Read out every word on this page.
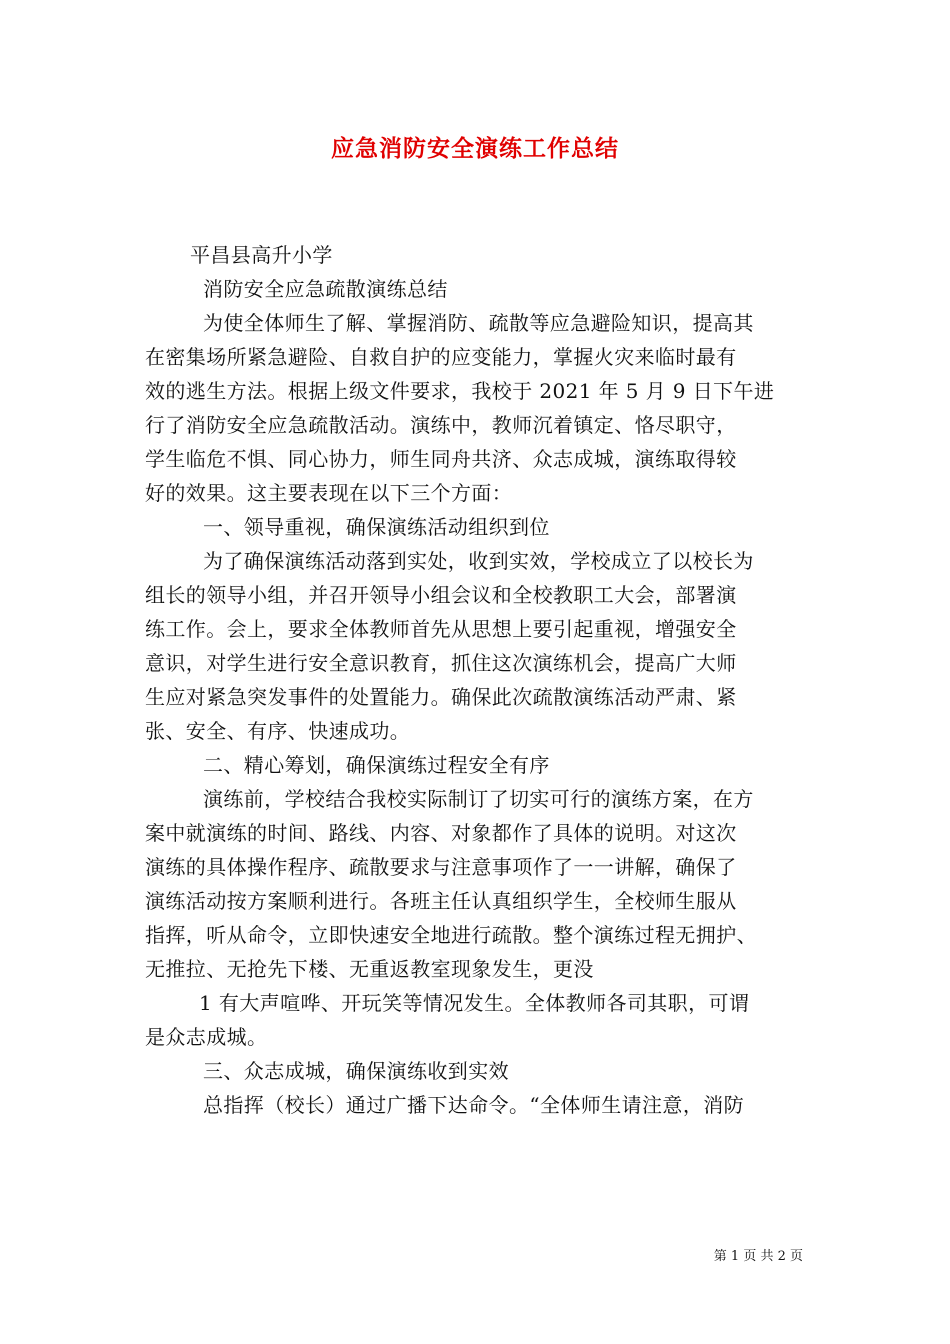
应急消防安全演练工作总结
平昌县高升小学
消防安全应急疏散演练总结
为使全体师生了解、掌握消防、疏散等应急避险知识，提高其
在密集场所紧急避险、自救自护的应变能力，掌握火灾来临时最有
效的逃生方法。根据上级文件要求，我校于 2021 年 5 月 9 日下午进
行了消防安全应急疏散活动。演练中，教师沉着镇定、恪尽职守，
学生临危不惧、同心协力，师生同舟共济、众志成城，演练取得较
好的效果。这主要表现在以下三个方面：
一、领导重视，确保演练活动组织到位
为了确保演练活动落到实处，收到实效，学校成立了以校长为
组长的领导小组，并召开领导小组会议和全校教职工大会，部署演
练工作。会上，要求全体教师首先从思想上要引起重视，增强安全
意识，对学生进行安全意识教育，抓住这次演练机会，提高广大师
生应对紧急突发事件的处置能力。确保此次疏散演练活动严肃、紧
张、安全、有序、快速成功。
二、精心筹划，确保演练过程安全有序
演练前，学校结合我校实际制订了切实可行的演练方案，在方
案中就演练的时间、路线、内容、对象都作了具体的说明。对这次
演练的具体操作程序、疏散要求与注意事项作了一一讲解，确保了
演练活动按方案顺利进行。各班主任认真组织学生，全校师生服从
指挥，听从命令，立即快速安全地进行疏散。整个演练过程无拥护、
无推拉、无抢先下楼、无重返教室现象发生，更没
1 有大声喧哗、开玩笑等情况发生。全体教师各司其职，可谓
是众志成城。
三、众志成城，确保演练收到实效
总指挥（校长）通过广播下达命令。“全体师生请注意，消防
第 1 页 共 2 页
